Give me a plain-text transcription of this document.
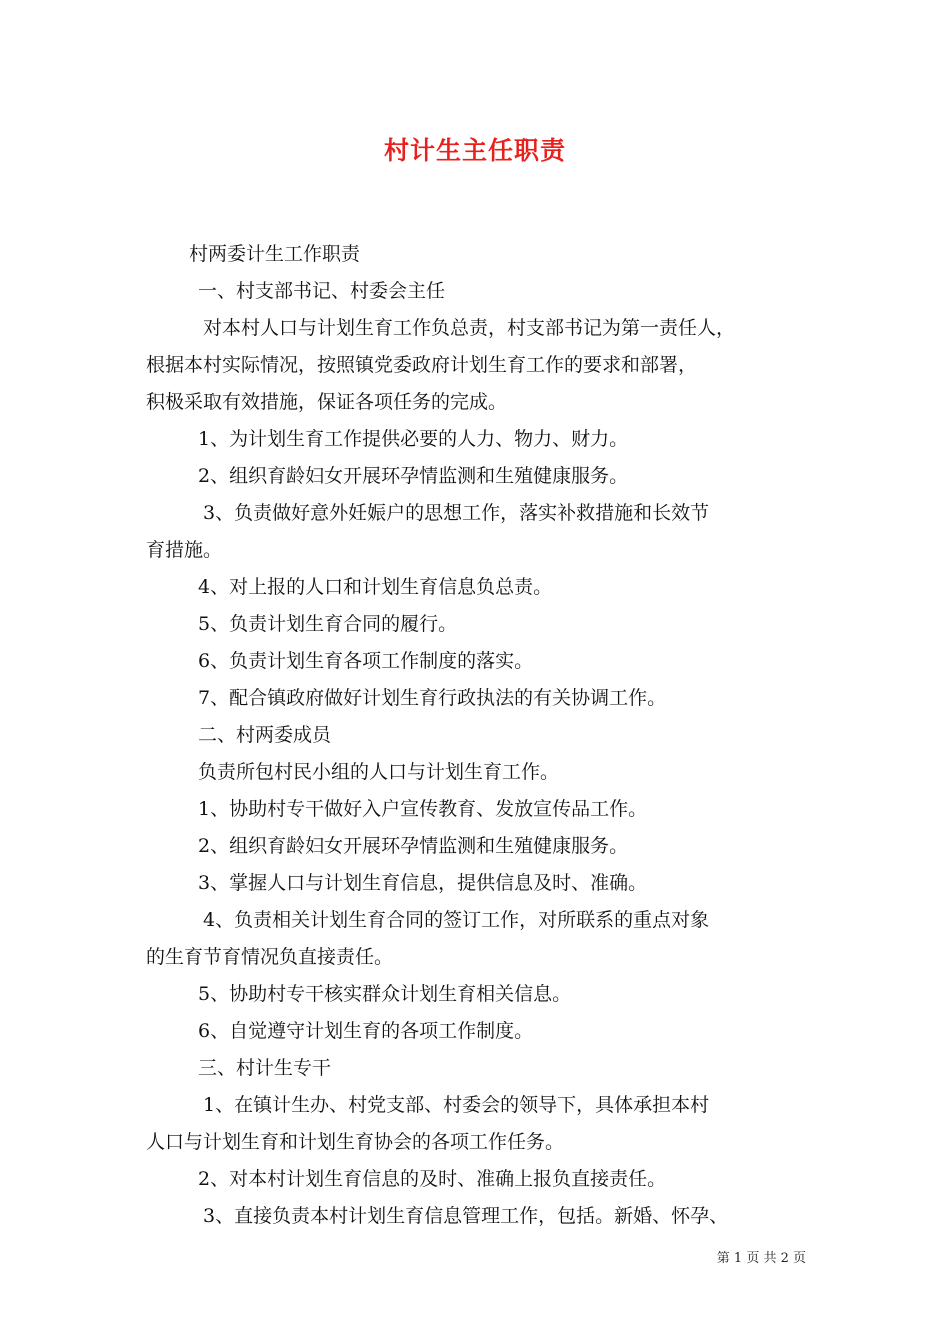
村计生主任职责
村两委计生工作职责
一、村支部书记、村委会主任
对本村人口与计划生育工作负总责，村支部书记为第一责任人，
根据本村实际情况，按照镇党委政府计划生育工作的要求和部署，
积极采取有效措施，保证各项任务的完成。
1、为计划生育工作提供必要的人力、物力、财力。
2、组织育龄妇女开展环孕情监测和生殖健康服务。
3、负责做好意外妊娠户的思想工作，落实补救措施和长效节
育措施。
4、对上报的人口和计划生育信息负总责。
5、负责计划生育合同的履行。
6、负责计划生育各项工作制度的落实。
7、配合镇政府做好计划生育行政执法的有关协调工作。
二、村两委成员
负责所包村民小组的人口与计划生育工作。
1、协助村专干做好入户宣传教育、发放宣传品工作。
2、组织育龄妇女开展环孕情监测和生殖健康服务。
3、掌握人口与计划生育信息，提供信息及时、准确。
4、负责相关计划生育合同的签订工作，对所联系的重点对象
的生育节育情况负直接责任。
5、协助村专干核实群众计划生育相关信息。
6、自觉遵守计划生育的各项工作制度。
三、村计生专干
1、在镇计生办、村党支部、村委会的领导下，具体承担本村
人口与计划生育和计划生育协会的各项工作任务。
2、对本村计划生育信息的及时、准确上报负直接责任。
3、直接负责本村计划生育信息管理工作，包括。新婚、怀孕、
第 1 页 共 2 页
